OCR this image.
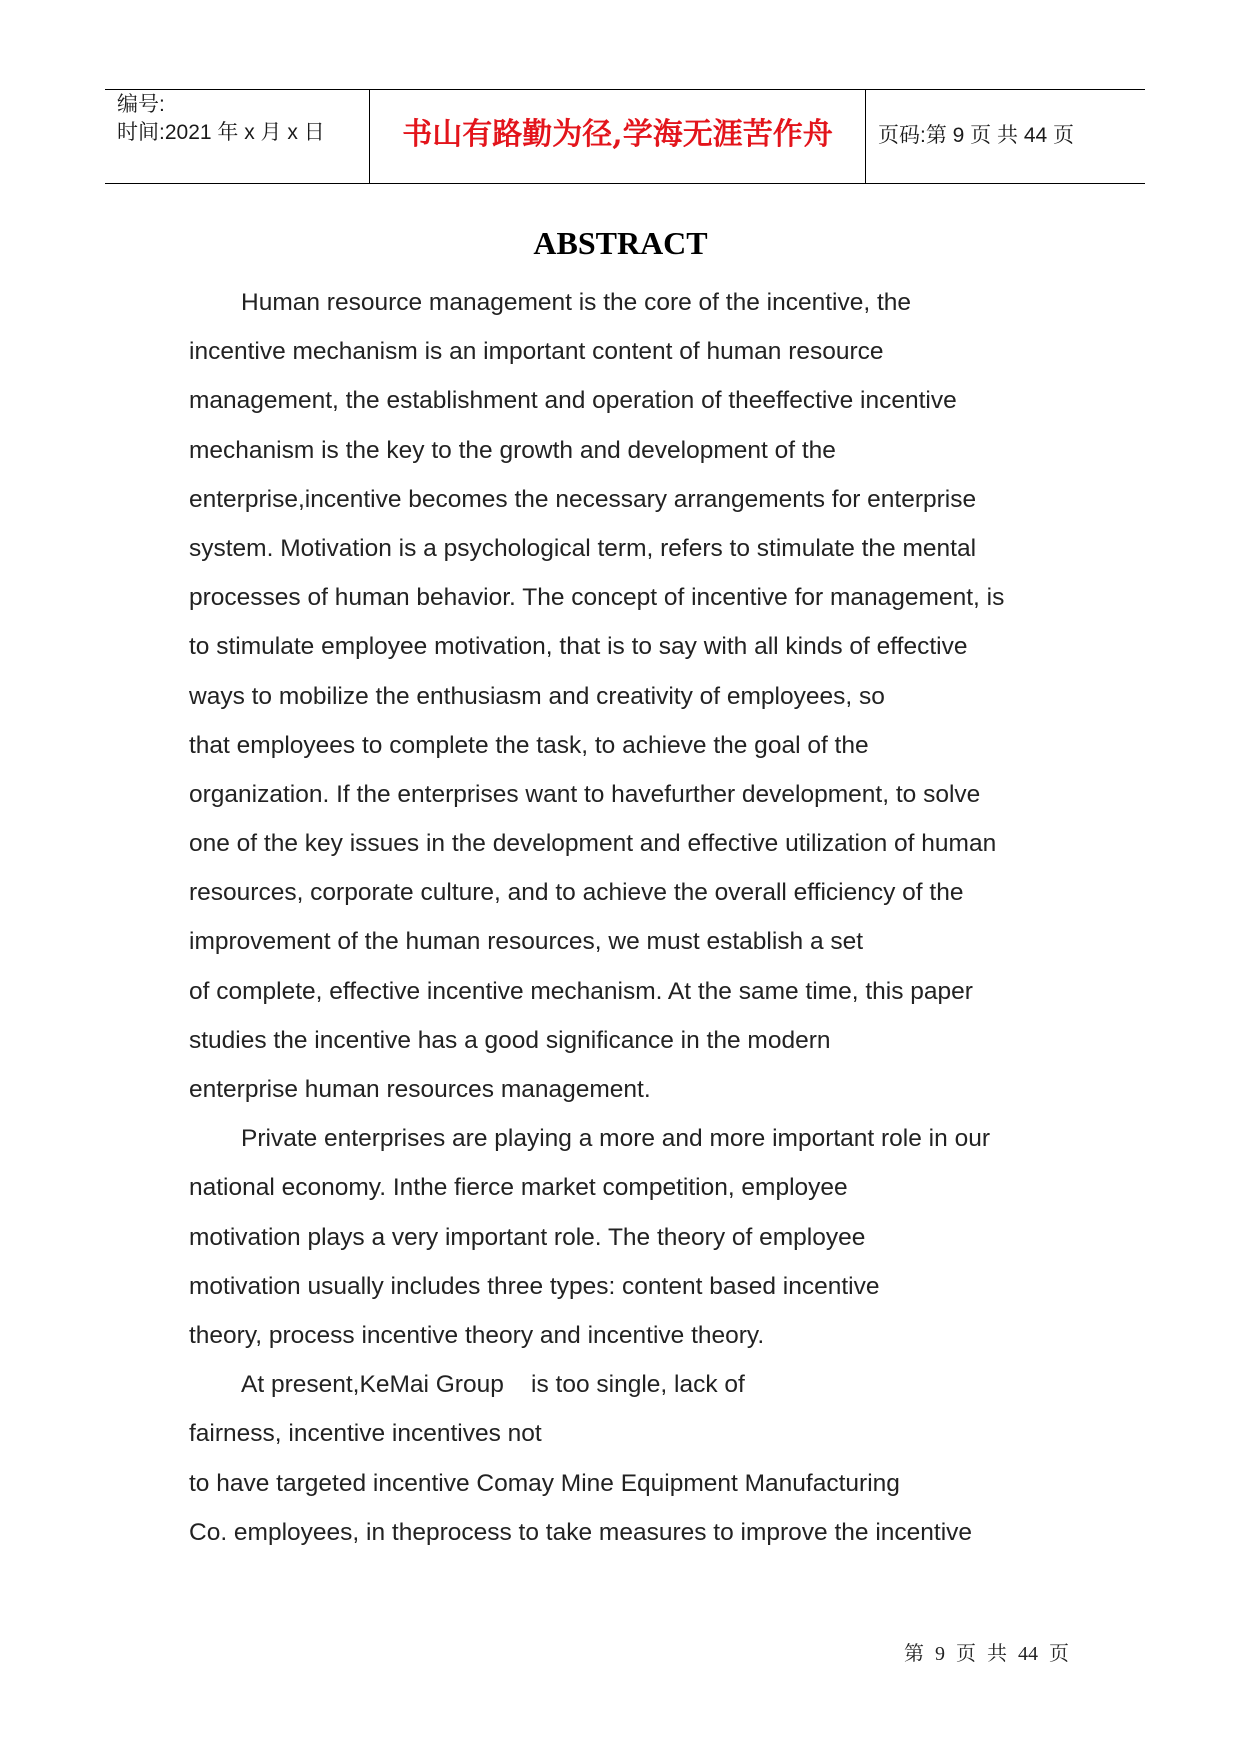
编号:
时间:2021 年 x 月 x 日	书山有路勤为径,学海无涯苦作舟	页码:第 9 页 共 44 页
ABSTRACT
Human resource management is the core of the incentive, the
incentive mechanism is an important content of human resource
management, the establishment and operation of theeffective incentive
mechanism is the key to the growth and development of the
enterprise,incentive becomes the necessary arrangements for enterprise
system. Motivation is a psychological term, refers to stimulate the mental
processes of human behavior. The concept of incentive for management, is
to stimulate employee motivation, that is to say with all kinds of effective
ways to mobilize the enthusiasm and creativity of employees, so
that employees to complete the task, to achieve the goal of the
organization. If the enterprises want to havefurther development, to solve
one of the key issues in the development and effective utilization of human
resources, corporate culture, and to achieve the overall efficiency of the
improvement of the human resources, we must establish a set
of complete, effective incentive mechanism. At the same time, this paper
studies the incentive has a good significance in the modern
enterprise human resources management.
Private enterprises are playing a more and more important role in our
national economy. Inthe fierce market competition, employee
motivation plays a very important role. The theory of employee
motivation usually includes three types: content based incentive
theory, process incentive theory and incentive theory.
At present,KeMai Group    is too single, lack of
fairness, incentive incentives not
to have targeted incentive Comay Mine Equipment Manufacturing
Co. employees, in theprocess to take measures to improve the incentive
第 9 页 共 44 页
